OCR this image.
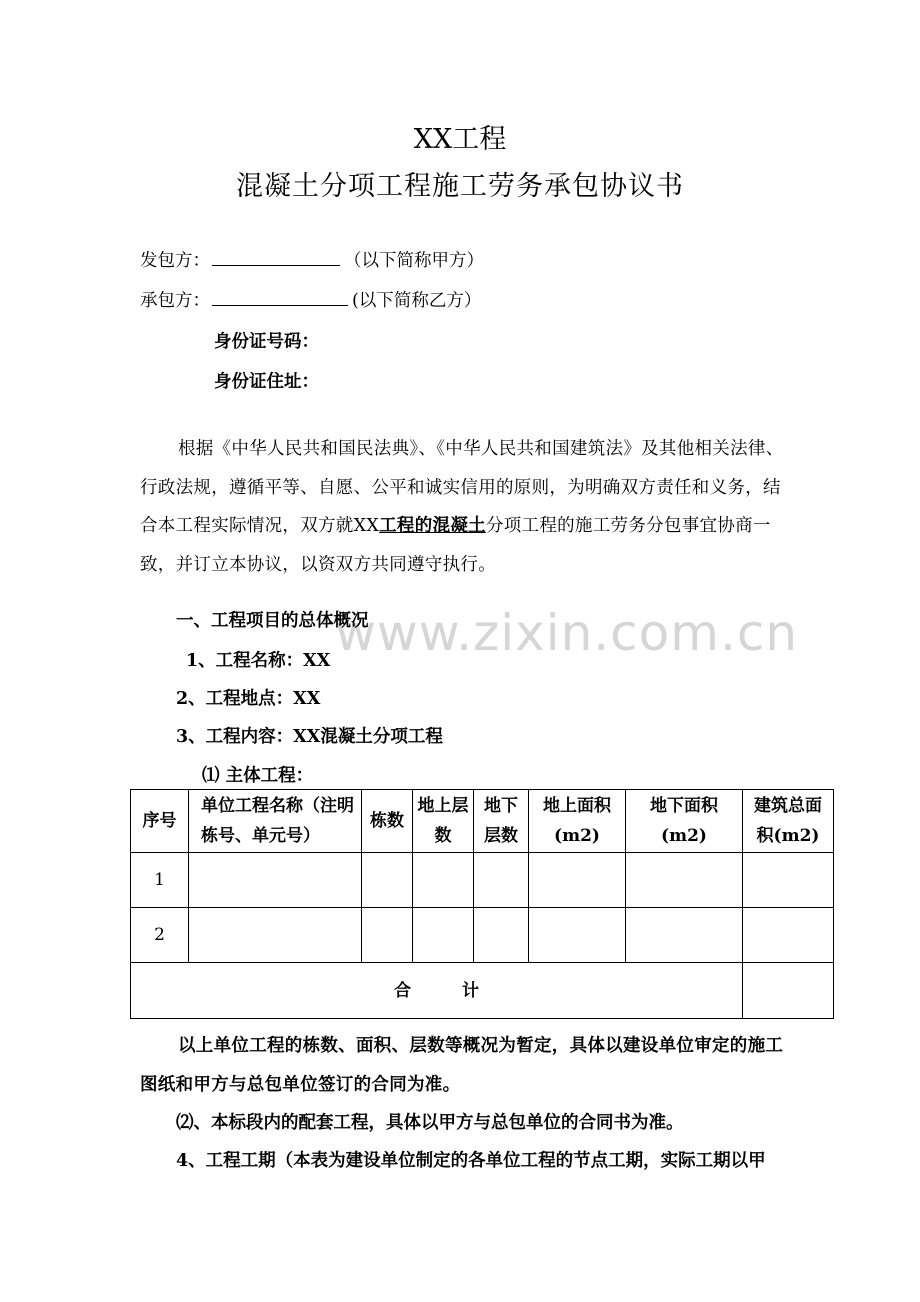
XX工程
混凝土分项工程施工劳务承包协议书
发包方：	（以下简称甲方）
承包方：	(以下简称乙方）
身份证号码：
身份证住址：
根据《中华人民共和国民法典》、《中华人民共和国建筑法》及其他相关法律、行政法规，遵循平等、自愿、公平和诚实信用的原则，为明确双方责任和义务，结合本工程实际情况，双方就XX工程的混凝土分项工程的施工劳务分包事宜协商一致，并订立本协议，以资双方共同遵守执行。
www.zixin.com.cn
一、工程项目的总体概况
1、工程名称：XX
2、工程地点：XX
3、工程内容：XX混凝土分项工程
⑴ 主体工程：
序号	单位工程名称（注明栋号、单元号）	栋数	地上层数	地下层数	地上面积(m2)	地下面积(m2)	建筑总面积(m2)
1							
2							
合　　　计							
以上单位工程的栋数、面积、层数等概况为暂定，具体以建设单位审定的施工图纸和甲方与总包单位签订的合同为准。
⑵、本标段内的配套工程，具体以甲方与总包单位的合同书为准。
4、工程工期（本表为建设单位制定的各单位工程的节点工期，实际工期以甲
